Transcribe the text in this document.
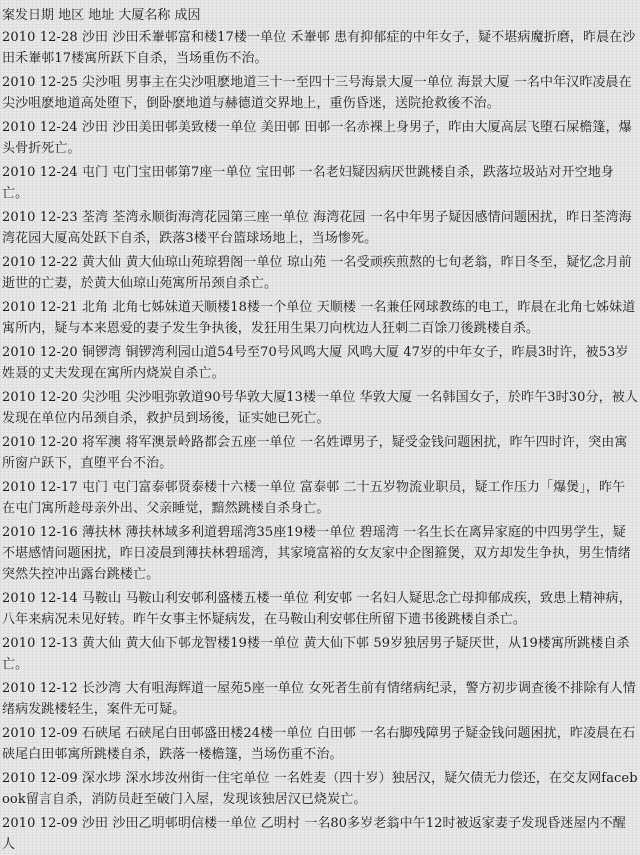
案发日期 地区 地址 大厦名称 成因
2010 12-28 沙田 沙田禾輋邨富和楼17楼一单位 禾輋邨 患有抑郁症的中年女子，疑不堪病魔折磨，昨晨在沙田禾輋邨17楼寓所跃下自杀，当场重伤不治。
2010 12-25 尖沙咀 男事主在尖沙咀麽地道三十一至四十三号海景大厦一单位 海景大厦 一名中年汉昨凌晨在尖沙咀麽地道高处堕下，倒卧麽地道与赫德道交界地上，重伤昏迷，送院抢救後不治。
2010 12-24 沙田 沙田美田邨美致楼一单位 美田邨 田邨一名赤裸上身男子，昨由大厦高层飞堕石屎檐篷，爆头骨折死亡。
2010 12-24 屯门 屯门宝田邨第7座一单位 宝田邨 一名老妇疑因病厌世跳楼自杀，跌落垃圾站对开空地身亡。
2010 12-23 荃湾 荃湾永顺街海湾花园第三座一单位 海湾花园 一名中年男子疑因感情问题困扰，昨日荃湾海湾花园大厦高处跃下自杀，跌落3楼平台篮球场地上，当场惨死。
2010 12-22 黄大仙 黄大仙琼山苑琼碧阁一单位 琼山苑 一名受顽疾煎熬的七旬老翁，昨日冬至，疑忆念月前逝世的亡妻，於黄大仙琼山苑寓所吊颈自杀亡。
2010 12-21 北角 北角七姊妹道天顺楼18楼一个单位 天顺楼 一名兼任网球教练的电工，昨晨在北角七姊妹道寓所内，疑与本来恩爱的妻子发生争执後，发狂用生果刀向枕边人狂刺二百馀刀後跳楼自杀。
2010 12-20 铜锣湾 铜锣湾利园山道54号至70号风鸣大厦 风鸣大厦 47岁的中年女子，昨晨3时许，被53岁姓聂的丈夫发现在寓所内烧炭自杀亡。
2010 12-20 尖沙咀 尖沙咀弥敦道90号华敦大厦13楼一单位 华敦大厦 一名韩国女子，於昨午3时30分，被人发现在单位内吊颈自杀，救护员到场後，证实她已死亡。
2010 12-20 将军澳 将军澳景岭路都会五座一单位 一名姓谭男子，疑受金钱问题困扰，昨午四时许，突由寓所窗户跃下，直堕平台不治。
2010 12-17 屯门 屯门富泰邨贤泰楼十六楼一单位 富泰邨 二十五岁物流业职员，疑工作压力「爆煲」，昨午在屯门寓所趁母亲外出、父亲睡觉，黯然跳楼自杀身亡。
2010 12-16 薄扶林 薄扶林域多利道碧瑶湾35座19楼一单位 碧瑶湾 一名生长在离异家庭的中四男学生，疑不堪感情问题困扰，昨日凌晨到薄扶林碧瑶湾，其家境富裕的女友家中企图箍煲，双方却发生争执，男生情绪突然失控冲出露台跳楼亡。
2010 12-14 马鞍山 马鞍山利安邨利盛楼五楼一单位 利安邨 一名妇人疑思念亡母抑郁成疾，致患上精神病，八年来病况未见好转。昨午女事主怀疑病发，在马鞍山利安邨住所留下遗书後跳楼自杀亡。
2010 12-13 黄大仙 黄大仙下邨龙智楼19楼一单位 黄大仙下邨 59岁独居男子疑厌世，从19楼寓所跳楼自杀亡。
2010 12-12 长沙湾 大有咀海辉道一屋苑5座一单位 女死者生前有情绪病纪录，警方初步调查後不排除有人情绪病发跳楼轻生，案件无可疑。
2010 12-09 石硖尾 石硖尾白田邨盛田楼24楼一单位 白田邨 一名右脚残障男子疑金钱问题困扰，昨凌晨在石硖尾白田邨寓所跳楼自杀，跌落一楼檐篷，当场伤重不治。
2010 12-09 深水埗 深水埗汝州街一住宅单位 一名姓麦（四十岁）独居汉，疑欠债无力偿还，在交友网facebook留言自杀，消防员赶至破门入屋，发现该独居汉已烧炭亡。
2010 12-09 沙田 沙田乙明邨明信楼一单位 乙明村 一名80多岁老翁中午12时被返家妻子发现昏迷屋内不醒人
